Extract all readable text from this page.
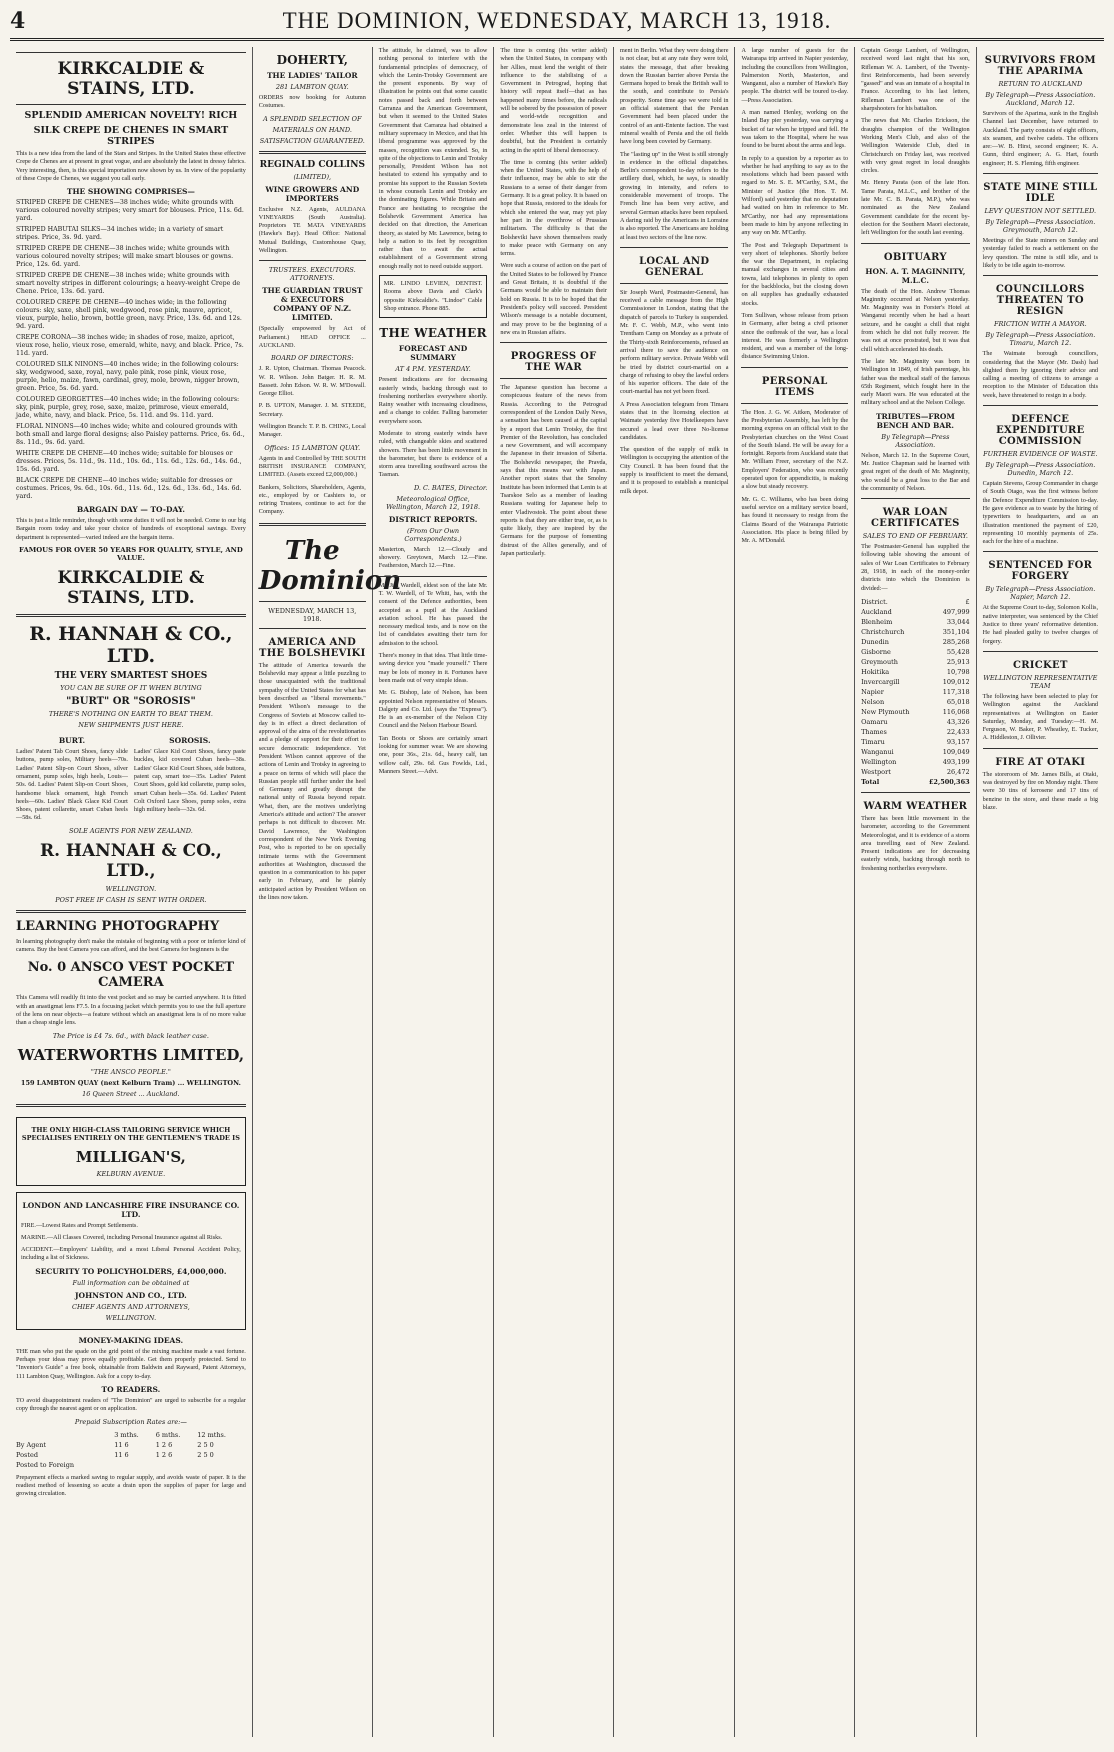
4	THE DOMINION, WEDNESDAY, MARCH 13, 1918.
KIRKCALDIE & STAINS, LTD.
SPLENDID AMERICAN NOVELTY! RICH
SILK CREPE DE CHENES IN SMART STRIPES

This is a new idea from the land of the Stars and Stripes. In the United States these effective Crepe de Chenes are at present in great vogue, and are absolutely the latest in dressy fabrics. Very interesting, then, is this special importation now shown by us. In view of the popularity of these Crepe de Chenes, we suggest you call early.

THE SHOWING COMPRISES—

STRIPED CREPE DE CHENES—38 inches wide; white grounds with various coloured novelty stripes; very smart for blouses. Price, 11s. 6d. yard.

STRIPED HABUTAI SILKS—34 inches wide; in a variety of smart stripes. Price, 3s. 9d. yard.

STRIPED CREPE DE CHENE—38 inches wide; white grounds with various coloured novelty stripes; will make smart blouses or gowns. Price, 12s. 6d. yard.

STRIPED CREPE DE CHENE—38 inches wide; white grounds with smart novelty stripes in different colourings; a heavy-weight Crepe de Chene. Price, 13s. 6d. yard.

COLOURED CREPE DE CHENE—40 inches wide; in the following colours: sky, saxe, shell pink, wedgwood, rose pink, mauve, apricot, vieux, purple, helio, brown, bottle green, navy. Price, 13s. 6d. and 12s. 9d. yard.

CREPE CORONA—38 inches wide; in shades of rose, maize, apricot, vieux rose, helio, vieux rose, emerald, white, navy, and black. Price, 7s. 11d. yard.

COLOURED SILK NINONS—40 inches wide; in the following colours: sky, wedgwood, saxe, royal, navy, pale pink, rose pink, vieux rose, purple, helio, maize, fawn, cardinal, grey, mole, brown, nigger brown, green. Price, 5s. 6d. yard.

COLOURED GEORGETTES—40 inches wide; in the following colours: sky, pink, purple, grey, rose, saxe, maize, primrose, vieux emerald, jade, white, navy, and black. Price, 5s. 11d. and 9s. 11d. yard.

FLORAL NINONS—40 inches wide; white and coloured grounds with both small and large floral designs; also Paisley patterns. Price, 6s. 6d., 8s. 11d., 9s. 6d. yard.

WHITE CREPE DE CHENE—40 inches wide; suitable for blouses or dresses. Prices, 5s. 11d., 9s. 11d., 10s. 6d., 11s. 6d., 12s. 6d., 14s. 6d., 15s. 6d. yard.

BLACK CREPE DE CHENE—40 inches wide; suitable for dresses or costumes. Prices, 9s. 6d., 10s. 6d., 11s. 6d., 12s. 6d., 13s. 6d., 14s. 6d. yard.

BARGAIN DAY — TO-DAY.

This is just a little reminder, though with some duties it will not be needed. Come to our big Bargain room today and take your choice of hundreds of exceptional savings. Every department is represented—varied indeed are the bargain items.

FAMOUS FOR OVER 50 YEARS FOR QUALITY, STYLE, AND VALUE.
KIRKCALDIE & STAINS, LTD.
R. HANNAH & CO., LTD.
THE VERY SMARTEST SHOES
YOU CAN BE SURE OF IT WHEN BUYING
"BURT" OR "SOROSIS"
THERE'S NOTHING ON EARTH TO BEAT THEM.
NEW SHIPMENTS JUST HERE.
BURT.

Ladies' Patent Tab Court Shoes, fancy slide buttons, pump soles, Military heels—70s. Ladies' Patent Slip-on Court Shoes, silver ornament, pump soles, high heels, Louis—50s. 6d. Ladies' Patent Slip-on Court Shoes, handsome black ornament, high French heels—60s. Ladies' Black Glace Kid Court Shoes, patent collarette, smart Cuban heels—58s. 6d.

SOROSIS.

Ladies' Glace Kid Court Shoes, fancy paste buckles, kid covered Cuban heels—38s. Ladies' Glace Kid Court Shoes, side buttons, patent cap, smart toe—35s. Ladies' Patent Court Shoes, gold kid collarette, pump soles, smart Cuban heels—35s. 6d. Ladies' Patent Colt Oxford Lace Shoes, pump soles, extra high military heels—32s. 6d.

SOLE AGENTS FOR NEW ZEALAND.
R. HANNAH & CO., LTD.,
WELLINGTON.
POST FREE IF CASH IS SENT WITH ORDER.
LEARNING PHOTOGRAPHY

In learning photography don't make the mistake of beginning with a poor or inferior kind of camera. Buy the best Camera you can afford, and the best Camera for beginners is the

No. 0 ANSCO VEST POCKET CAMERA

This Camera will readily fit into the vest pocket and so may be carried anywhere. It is fitted with an anastigmat lens F7.5. In a focusing jacket which permits you to use the full aperture of the lens on near objects—a feature without which an anastigmat lens is of no more value than a cheap single lens.

The Price is £4 7s. 6d., with black leather case.
WATERWORTHS LIMITED,
"THE ANSCO PEOPLE."
159 LAMBTON QUAY (next Kelburn Tram) ... WELLINGTON.
16 Queen Street ... Auckland.
THE ONLY HIGH-CLASS TAILORING SERVICE WHICH SPECIALISES ENTIRELY ON THE GENTLEMEN'S TRADE IS
MILLIGAN'S,
KELBURN AVENUE.
LONDON AND LANCASHIRE FIRE INSURANCE CO. LTD.

FIRE.—Lowest Rates and Prompt Settlements.

MARINE.—All Classes Covered, including Personal Insurance against all Risks.

ACCIDENT.—Employers' Liability, and a most Liberal Personal Accident Policy, including a list of Sickness.

SECURITY TO POLICYHOLDERS, £4,000,000.
Full information can be obtained at
JOHNSTON AND CO., LTD.
CHIEF AGENTS AND ATTORNEYS,
WELLINGTON.
MONEY-MAKING IDEAS.

THE man who put the spade on the grid point of the mixing machine made a vast fortune. Perhaps your ideas may prove equally profitable. Get them properly protected. Send to "Inventor's Guide" a free book, obtainable from Baldwin and Rayward, Patent Attorneys, 111 Lambton Quay, Wellington. Ask for a copy to-day.

TO READERS.

TO avoid disappointment readers of "The Dominion" are urged to subscribe for a regular copy through the nearest agent or on application.

Prepaid Subscription Rates are:—
	3 mths.	6 mths.	12 mths.
By Agent	11 6	1 2 6	2 5 0
Posted	11 6	1 2 6	2 5 0
Posted to Foreign			

Prepayment effects a marked saving to regular supply, and avoids waste of paper. It is the readiest method of lessening so acute a drain upon the supplies of paper for large and growing circulation.

DOHERTY,
THE LADIES' TAILOR
281 LAMBTON QUAY.

ORDERS now booking for Autumn Costumes.

A SPLENDID SELECTION OF
MATERIALS ON HAND.
SATISFACTION GUARANTEED.
REGINALD COLLINS
(LIMITED),
WINE GROWERS AND IMPORTERS

Exclusive N.Z. Agents, AULDANA VINEYARDS (South Australia). Proprietors TE MATA VINEYARDS (Hawke's Bay). Head Office: National Mutual Buildings, Customhouse Quay, Wellington.

TRUSTEES. EXECUTORS. ATTORNEYS.
THE GUARDIAN TRUST & EXECUTORS COMPANY OF N.Z. LIMITED.

(Specially empowered by Act of Parliament.) HEAD OFFICE ... AUCKLAND.

BOARD OF DIRECTORS:

J. R. Upton, Chairman. Thomas Peacock. W. R. Wilson. John Batger. H. R. M. Bassett. John Edson. W. R. W. M'Dowall. George Elliot.

P. B. UPTON, Manager. J. M. STEEDE, Secretary.

Wellington Branch: T. P. B. CHING, Local Manager.

Offices: 15 LAMBTON QUAY.

Agents in and Controlled by THE SOUTH BRITISH INSURANCE COMPANY, LIMITED. (Assets exceed £2,000,000.)

Bankers, Solicitors, Shareholders, Agents, etc., employed by or Cashiers to, or retiring Trustees, continue to act for the Company.

The Dominion
WEDNESDAY, MARCH 13, 1918.
AMERICA AND THE BOLSHEVIKI

The attitude of America towards the Bolsheviki may appear a little puzzling to those unacquainted with the traditional sympathy of the United States for what has been described as "liberal movements." President Wilson's message to the Congress of Soviets at Moscow called to-day is in effect a direct declaration of approval of the aims of the revolutionaries and a pledge of support for their effort to secure democratic independence. Yet President Wilson cannot approve of the actions of Lenin and Trotsky in agreeing to a peace on terms of which will place the Russian people still further under the heel of Germany and greatly disrupt the national unity of Russia beyond repair. What, then, are the motives underlying America's attitude and action? The answer perhaps is not difficult to discover. Mr. David Lawrence, the Washington correspondent of the New York Evening Post, who is reported to be on specially intimate terms with the Government authorities at Washington, discussed the question in a communication to his paper early in February, and he plainly anticipated action by President Wilson on the lines now taken.

The attitude, he claimed, was to allow nothing personal to interfere with the fundamental principles of democracy, of which the Lenin-Trotsky Government are the present exponents. By way of illustration he points out that some caustic notes passed back and forth between Carranza and the American Government, but when it seemed to the United States Government that Carranza had obtained a military supremacy in Mexico, and that his liberal programme was approved by the masses, recognition was extended. So, in spite of the objections to Lenin and Trotsky personally, President Wilson has not hesitated to extend his sympathy and to promise his support to the Russian Soviets in whose counsels Lenin and Trotsky are the dominating figures. While Britain and France are hesitating to recognise the Bolshevik Government America has decided on that direction, the American theory, as stated by Mr. Lawrence, being to help a nation to its feet by recognition rather than to await the actual establishment of a Government strong enough really not to need outside support.

MR. LINDO LEVIEN, DENTIST. Rooms above Davis and Clark's opposite Kirkcaldie's. "Lindoe" Cable Shop entrance. Phone 885.

THE WEATHER
FORECAST AND SUMMARY
AT 4 P.M. YESTERDAY.

Present indications are for decreasing easterly winds, backing through east to freshening northerlies everywhere shortly. Rainy weather with increasing cloudiness, and a change to colder. Falling barometer everywhere soon.

Moderate to strong easterly winds have ruled, with changeable skies and scattered showers. There has been little movement in the barometer, but there is evidence of a storm area travelling southward across the Tasman.

D. C. BATES, Director.
Meteorological Office, Wellington, March 12, 1918.
DISTRICT REPORTS.
(From Our Own Correspondents.)

Masterton, March 12.—Cloudy and showery. Greytown, March 12.—Fine. Featherston, March 12.—Fine.

Mr. Jim Wardell, eldest son of the late Mr. T. W. Wardell, of Te Whiti, has, with the consent of the Defence authorities, been accepted as a pupil at the Auckland aviation school. He has passed the necessary medical tests, and is now on the list of candidates awaiting their turn for admission to the school.

There's money in that idea. That little time-saving device you "made yourself." There may be lots of money in it. Fortunes have been made out of very simple ideas.

Mr. G. Bishop, late of Nelson, has been appointed Nelson representative of Messrs. Dalgety and Co. Ltd. (says the "Express"). He is an ex-member of the Nelson City Council and the Nelson Harbour Board.

Tan Boots or Shoes are certainly smart looking for summer wear. We are showing one, pour 36s., 21s. 6d., heavy calf, tan willow calf, 29s. 6d. Gus Fowlds, Ltd., Manners Street.—Advt.

The time is coming (his writer added) when the United States, in company with her Allies, must lend the weight of their influence to the stabilising of a Government in Petrograd, hoping that history will repeat itself—that as has happened many times before, the radicals will be sobered by the possession of power and world-wide recognition and demonstrate less zeal in the interest of order. Whether this will happen is doubtful, but the President is certainly acting in the spirit of liberal democracy.

The time is coming (his writer added) when the United States, with the help of their influence, may be able to stir the Russians to a sense of their danger from Germany. It is a great policy. It is based on hope that Russia, restored to the ideals for which she entered the war, may yet play her part in the overthrow of Prussian militarism. The difficulty is that the Bolsheviki have shown themselves ready to make peace with Germany on any terms.

Were such a course of action on the part of the United States to be followed by France and Great Britain, it is doubtful if the Germans would be able to maintain their hold on Russia. It is to be hoped that the President's policy will succeed. President Wilson's message is a notable document, and may prove to be the beginning of a new era in Russian affairs.

PROGRESS OF THE WAR

The Japanese question has become a conspicuous feature of the news from Russia. According to the Petrograd correspondent of the London Daily News, a sensation has been caused at the capital by a report that Lenin Trotsky, the first Premier of the Revolution, has concluded a new Government, and will accompany the Japanese in their invasion of Siberia. The Bolsheviki newspaper, the Pravda, says that this means war with Japan. Another report states that the Smolny Institute has been informed that Lenin is at Tsarskoe Selo as a member of leading Russians waiting for Japanese help to enter Vladivostok. The point about these reports is that they are either true, or, as is quite likely, they are inspired by the Germans for the purpose of fomenting distrust of the Allies generally, and of Japan particularly.

ment in Berlin. What they were doing there is not clear, but at any rate they were told, states the message, that after breaking down the Russian barrier above Persia the Germans hoped to break the British wall to the south, and contribute to Persia's prosperity. Some time ago we were told in an official statement that the Persian Government had been placed under the control of an anti-Entente faction. The vast mineral wealth of Persia and the oil fields have long been coveted by Germany.

The "lasting up" in the West is still strongly in evidence in the official dispatches. Berlin's correspondent to-day refers to the artillery duel, which, he says, is steadily growing in intensity, and refers to considerable movement of troops. The French line has been very active, and several German attacks have been repulsed. A daring raid by the Americans in Lorraine is also reported. The Americans are holding at least two sectors of the line now.

LOCAL AND GENERAL

Sir Joseph Ward, Postmaster-General, has received a cable message from the High Commissioner in London, stating that the dispatch of parcels to Turkey is suspended. Mr. F. C. Webb, M.P., who went into Trentham Camp on Monday as a private of the Thirty-sixth Reinforcements, refused an arrival there to save the audience on perform military service. Private Webb will be tried by district court-martial on a charge of refusing to obey the lawful orders of his superior officers. The date of the court-martial has not yet been fixed.

A Press Association telegram from Timaru states that in the licensing election at Waimate yesterday five Hotelkeepers have secured a lead over three No-license candidates.

The question of the supply of milk in Wellington is occupying the attention of the City Council. It has been found that the supply is insufficient to meet the demand, and it is proposed to establish a municipal milk depot.

A large number of guests for the Wairarapa trip arrived in Napier yesterday, including the councillors from Wellington, Palmerston North, Masterton, and Wanganui, also a number of Hawke's Bay people. The district will be toured to-day.—Press Association.

A man named Henley, working on the Inland Bay pier yesterday, was carrying a bucket of tar when he tripped and fell. He was taken to the Hospital, where he was found to be burnt about the arms and legs.

In reply to a question by a reporter as to whether he had anything to say as to the resolutions which had been passed with regard to Mr. S. E. M'Carthy, S.M., the Minister of Justice (the Hon. T. M. Wilford) said yesterday that no deputation had waited on him in reference to Mr. M'Carthy, nor had any representations been made to him by anyone reflecting in any way on Mr. M'Carthy.

The Post and Telegraph Department is very short of telephones. Shortly before the war the Department, in replacing manual exchanges in several cities and towns, laid telephones in plenty to open for the backblocks, but the closing down on all supplies has gradually exhausted stocks.

Tom Sullivan, whose release from prison in Germany, after being a civil prisoner since the outbreak of the war, has a local interest. He was formerly a Wellington resident, and was a member of the long-distance Swimming Union.

PERSONAL ITEMS

The Hon. J. G. W. Aitken, Moderator of the Presbyterian Assembly, has left by the morning express on an official visit to the Presbyterian churches on the West Coast of the South Island. He will be away for a fortnight. Reports from Auckland state that Mr. William Freer, secretary of the N.Z. Employers' Federation, who was recently operated upon for appendicitis, is making a slow but steady recovery.

Mr. G. C. Williams, who has been doing useful service on a military service board, has found it necessary to resign from the Claims Board of the Wairarapa Patriotic Association. His place is being filled by Mr. A. M'Donald.

Captain George Lambert, of Wellington, received word last night that his son, Rifleman W. A. Lambert, of the Twenty-first Reinforcements, had been severely "gassed" and was an inmate of a hospital in France. According to his last letters, Rifleman Lambert was one of the sharpshooters for his battalion.

The news that Mr. Charles Erickson, the draughts champion of the Wellington Working Men's Club, and also of the Wellington Waterside Club, died in Christchurch on Friday last, was received with very great regret in local draughts circles.

Mr. Henry Parata (son of the late Hon. Tame Parata, M.L.C., and brother of the late Mr. C. B. Parata, M.P.), who was nominated as the New Zealand Government candidate for the recent by-election for the Southern Maori electorate, left Wellington for the south last evening.

OBITUARY
HON. A. T. MAGINNITY, M.L.C.

The death of the Hon. Andrew Thomas Maginnity occurred at Nelson yesterday. Mr. Maginnity was in Forster's Hotel at Wanganui recently when he had a heart seizure, and he caught a chill that night from which he did not fully recover. He was not at once prostrated, but it was that chill which accelerated his death.

The late Mr. Maginnity was born in Wellington in 1849, of Irish parentage, his father was the medical staff of the famous 65th Regiment, which fought here in the early Maori wars. He was educated at the military school and at the Nelson College.

TRIBUTES—FROM BENCH AND BAR.
By Telegraph—Press Association.

Nelson, March 12. In the Supreme Court, Mr. Justice Chapman said he learned with great regret of the death of Mr. Maginnity, who would be a great loss to the Bar and the community of Nelson.

WAR LOAN CERTIFICATES
SALES TO END OF FEBRUARY.

The Postmaster-General has supplied the following table showing the amount of sales of War Loan Certificates to February 28, 1918, in each of the money-order districts into which the Dominion is divided:—

District.	£
Auckland	497,999
Blenheim	33,044
Christchurch	351,104
Dunedin	285,268
Gisborne	55,428
Greymouth	25,913
Hokitika	10,798
Invercargill	109,012
Napier	117,318
Nelson	65,018
New Plymouth	116,068
Oamaru	43,326
Thames	22,433
Timaru	93,157
Wanganui	109,049
Wellington	493,199
Westport	26,472
Total	£2,500,363
WARM WEATHER

There has been little movement in the barometer, according to the Government Meteorologist, and it is evidence of a storm area travelling east of New Zealand. Present indications are for decreasing easterly winds, backing through north to freshening northerlies everywhere.

SURVIVORS FROM THE APARIMA
RETURN TO AUCKLAND
By Telegraph—Press Association. Auckland, March 12.

Survivors of the Aparima, sunk in the English Channel last December, have returned to Auckland. The party consists of eight officers, six seamen, and twelve cadets. The officers are:—W. B. Hirst, second engineer; K. A. Gunn, third engineer; A. G. Hart, fourth engineer; H. S. Fleming, fifth engineer.

STATE MINE STILL IDLE
LEVY QUESTION NOT SETTLED.
By Telegraph—Press Association. Greymouth, March 12.

Meetings of the State miners on Sunday and yesterday failed to reach a settlement on the levy question. The mine is still idle, and is likely to be idle again to-morrow.

COUNCILLORS THREATEN TO RESIGN
FRICTION WITH A MAYOR.
By Telegraph—Press Association. Timaru, March 12.

The Waimate borough councillors, considering that the Mayor (Mr. Dash) had slighted them by ignoring their advice and calling a meeting of citizens to arrange a reception to the Minister of Education this week, have threatened to resign in a body.

DEFENCE EXPENDITURE COMMISSION
FURTHER EVIDENCE OF WASTE.
By Telegraph—Press Association. Dunedin, March 12.

Captain Stevens, Group Commander in charge of South Otago, was the first witness before the Defence Expenditure Commission to-day. He gave evidence as to waste by the hiring of typewriters to headquarters, and as an illustration mentioned the payment of £20, representing 10 monthly payments of 25s. each for the hire of a machine.

SENTENCED FOR FORGERY
By Telegraph—Press Association. Napier, March 12.

At the Supreme Court to-day, Solomon Kollis, native interpreter, was sentenced by the Chief Justice to three years' reformative detention. He had pleaded guilty to twelve charges of forgery.

CRICKET
WELLINGTON REPRESENTATIVE TEAM

The following have been selected to play for Wellington against the Auckland representatives at Wellington on Easter Saturday, Monday, and Tuesday:—H. M. Ferguson, W. Baker, P. Wheatley, E. Tucker, A. Hiddleston, J. Ollivier.

FIRE AT OTAKI

The storeroom of Mr. James Bills, at Otaki, was destroyed by fire on Monday night. There were 30 tins of kerosene and 17 tins of benzine in the store, and these made a big blaze.
